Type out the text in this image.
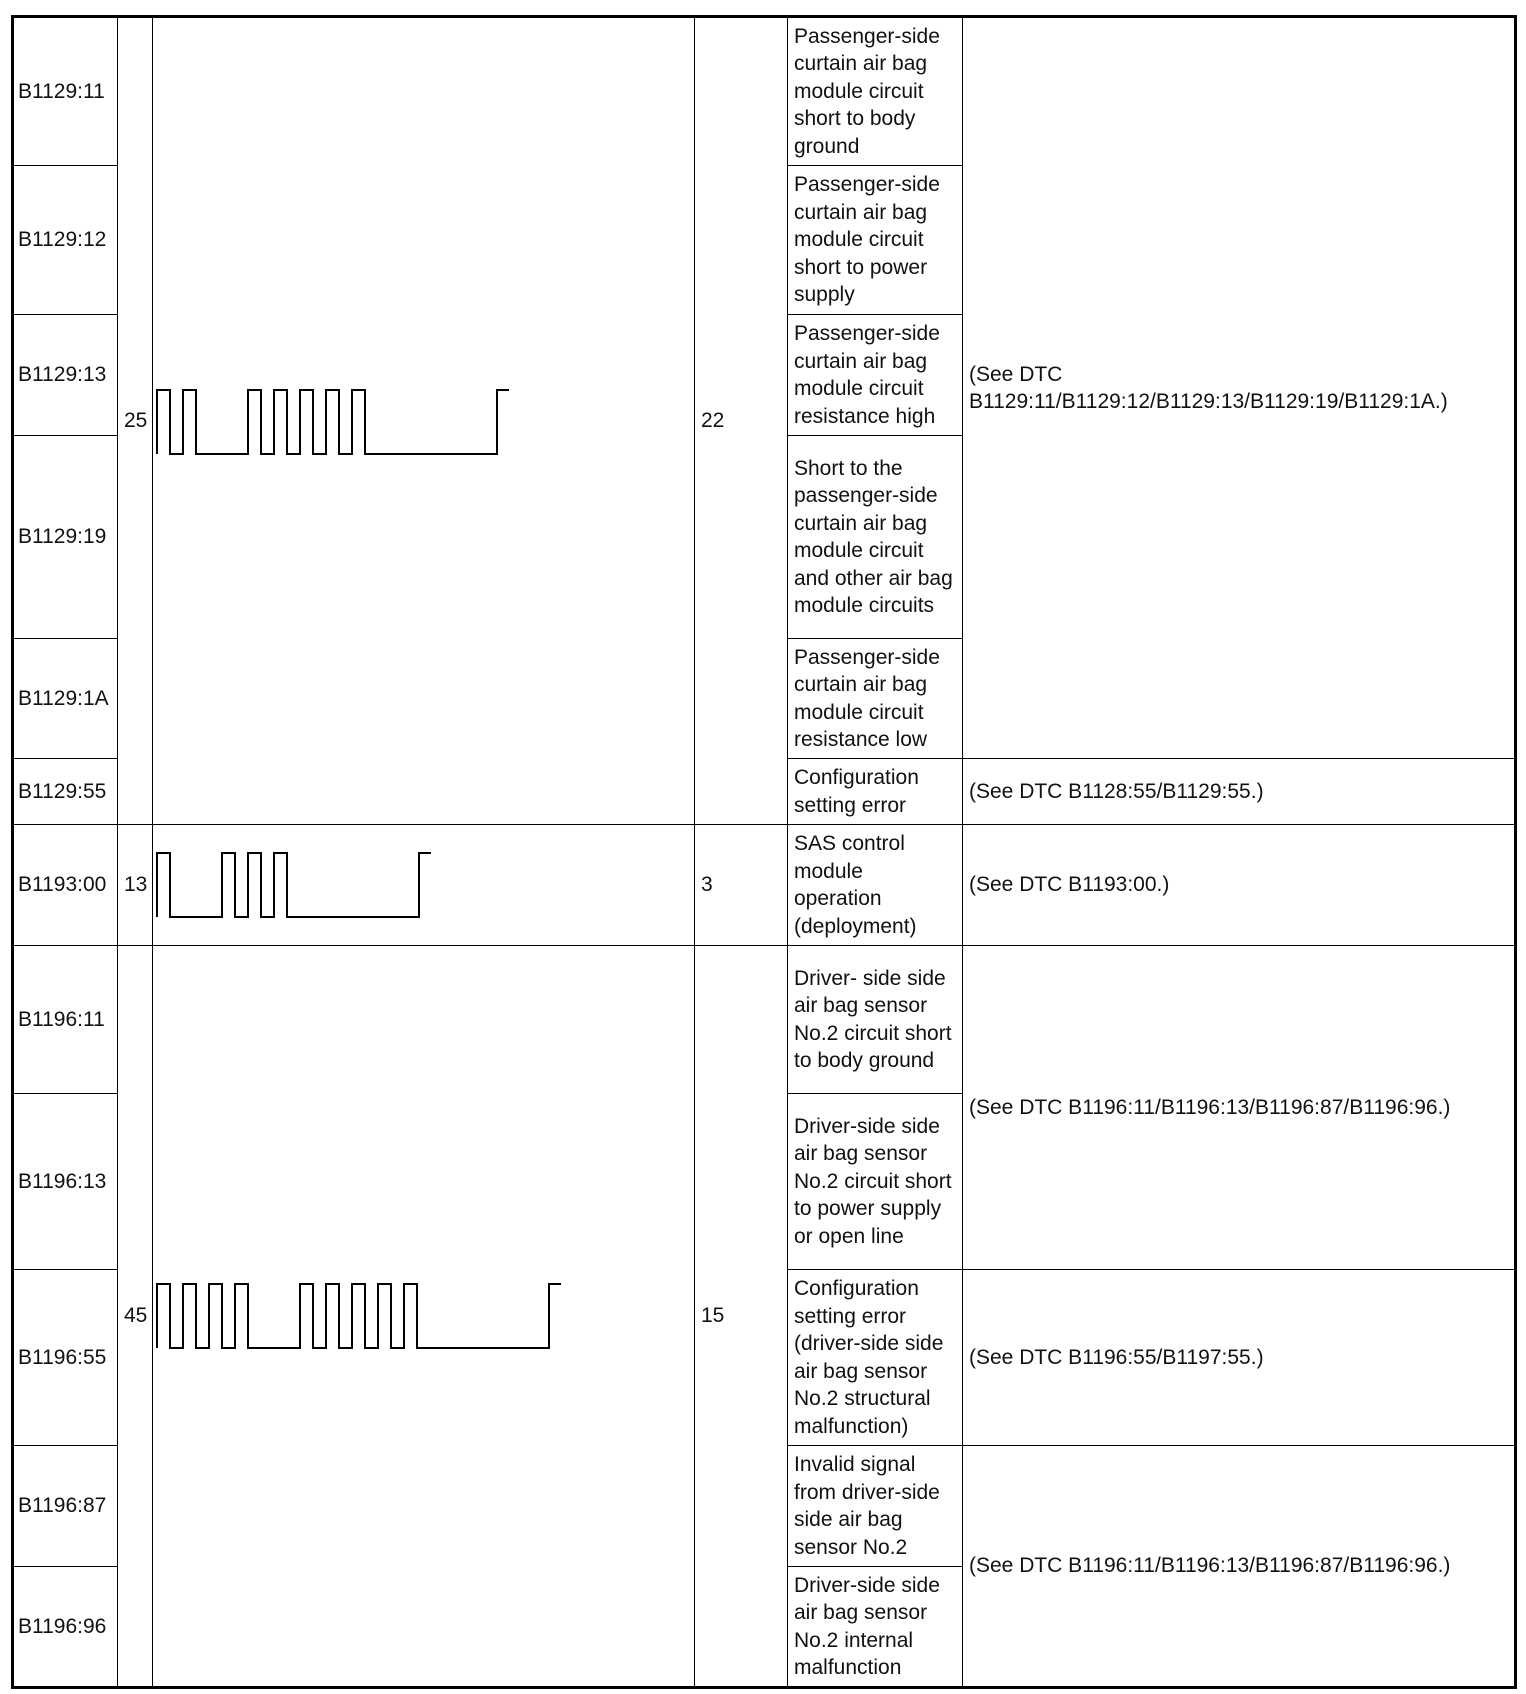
B1129:11	25		22	Passenger-side curtain air bag module circuit short to body ground	(See DTC B1129:11/B1129:12/B1129:13/B1129:19/B1129:1A.)
B1129:12				Passenger-side curtain air bag module circuit short to power supply	
B1129:13				Passenger-side curtain air bag module circuit resistance high	
B1129:19				Short to the passenger-side curtain air bag module circuit and other air bag module circuits	
B1129:1A				Passenger-side curtain air bag module circuit resistance low	
B1129:55				Configuration setting error	(See DTC B1128:55/B1129:55.)
B1193:00	13		3	SAS control module operation (deployment)	(See DTC B1193:00.)
B1196:11	45		15	Driver- side side air bag sensor No.2 circuit short to body ground	(See DTC B1196:11/B1196:13/B1196:87/B1196:96.)
B1196:13				Driver-side side air bag sensor No.2 circuit short to power supply or open line	
B1196:55				Configuration setting error (driver-side side air bag sensor No.2 structural malfunction)	(See DTC B1196:55/B1197:55.)
B1196:87				Invalid signal from driver-side side air bag sensor No.2	(See DTC B1196:11/B1196:13/B1196:87/B1196:96.)
B1196:96				Driver-side side air bag sensor No.2 internal malfunction	
